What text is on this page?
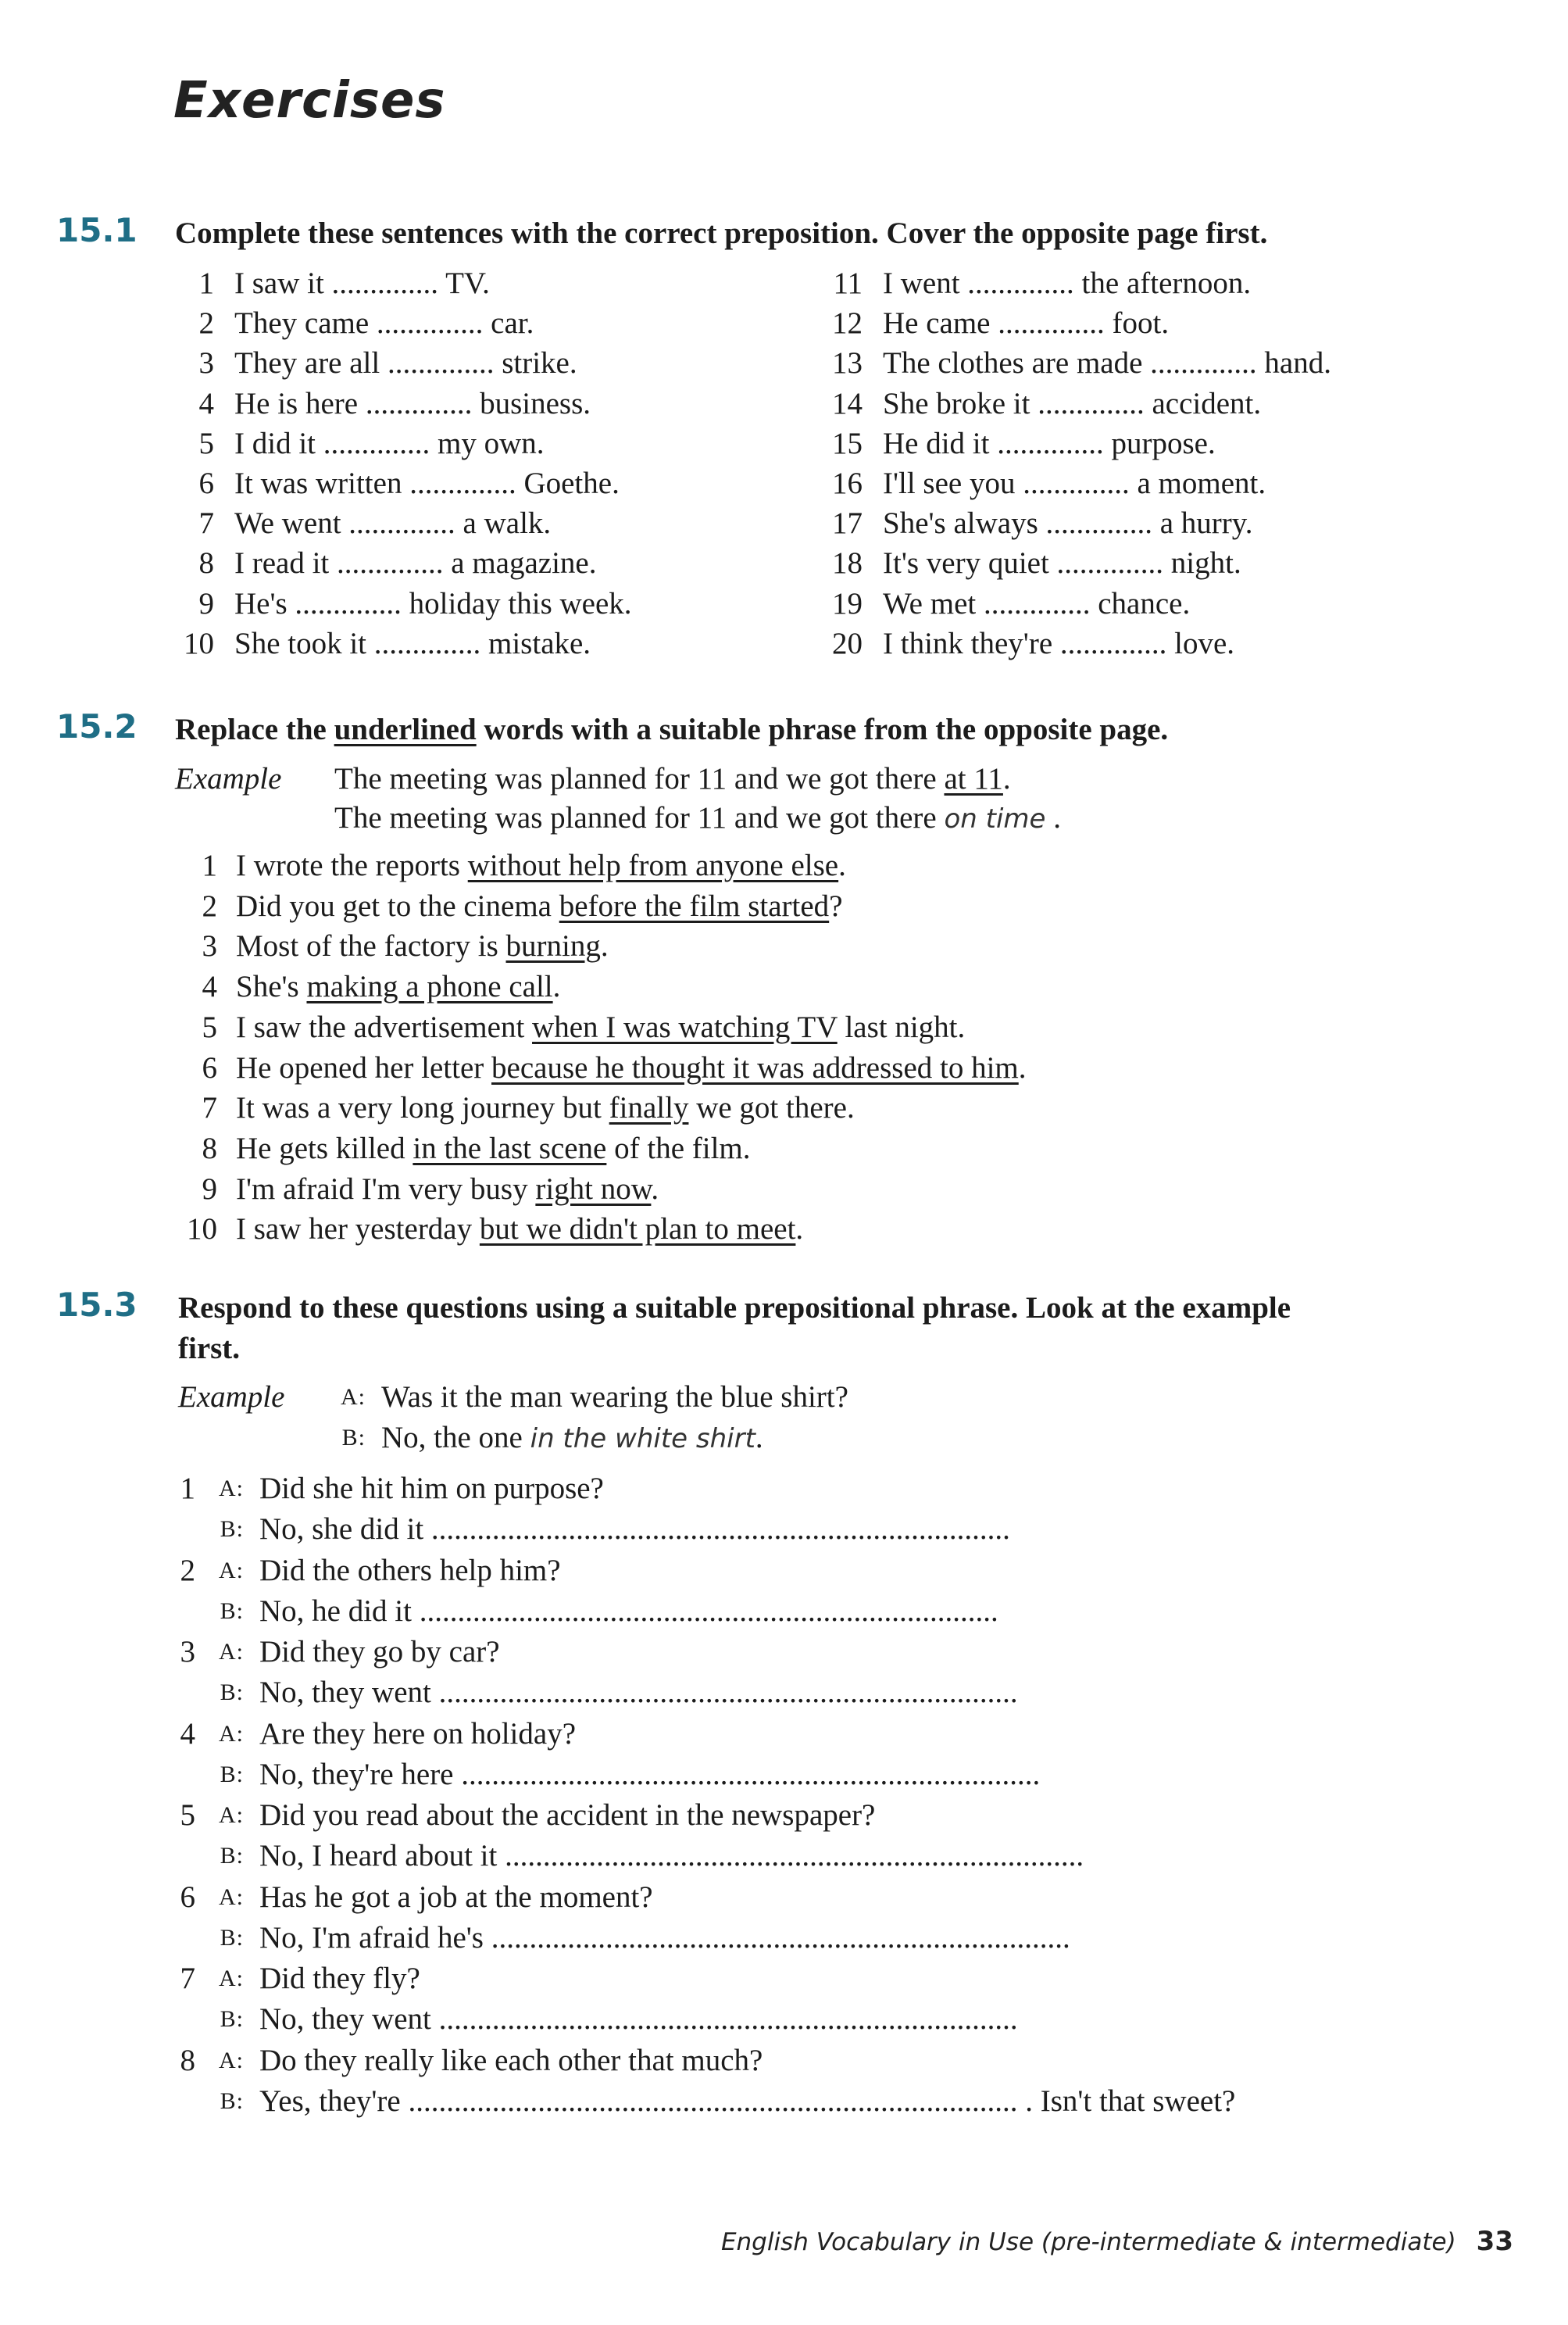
Exercises
15.1 Complete these sentences with the correct preposition. Cover the opposite page first.
1 I saw it .............. TV.
2 They came .............. car.
3 They are all .............. strike.
4 He is here .............. business.
5 I did it .............. my own.
6 It was written .............. Goethe.
7 We went .............. a walk.
8 I read it .............. a magazine.
9 He's .............. holiday this week.
10 She took it .............. mistake.
11 I went .............. the afternoon.
12 He came .............. foot.
13 The clothes are made .............. hand.
14 She broke it .............. accident.
15 He did it .............. purpose.
16 I'll see you .............. a moment.
17 She's always .............. a hurry.
18 It's very quiet .............. night.
19 We met .............. chance.
20 I think they're .............. love.
15.2 Replace the underlined words with a suitable phrase from the opposite page.
Example The meeting was planned for 11 and we got there at 11.
The meeting was planned for 11 and we got there on time .
1 I wrote the reports without help from anyone else.
2 Did you get to the cinema before the film started?
3 Most of the factory is burning.
4 She's making a phone call.
5 I saw the advertisement when I was watching TV last night.
6 He opened her letter because he thought it was addressed to him.
7 It was a very long journey but finally we got there.
8 He gets killed in the last scene of the film.
9 I'm afraid I'm very busy right now.
10 I saw her yesterday but we didn't plan to meet.
15.3 Respond to these questions using a suitable prepositional phrase. Look at the example
first.
Example	A: Was it the man wearing the blue shirt?
B: No, the one in the white shirt.
1	A: Did she hit him on purpose?
B: No, she did it ............................................................................
2	A: Did the others help him?
B: No, he did it ............................................................................
3	A: Did they go by car?
B: No, they went ............................................................................
4	A: Are they here on holiday?
B: No, they're here ............................................................................
5	A: Did you read about the accident in the newspaper?
B: No, I heard about it ............................................................................
6	A: Has he got a job at the moment?
B: No, I'm afraid he's ............................................................................
7	A: Did they fly?
B: No, they went ............................................................................
8	A: Do they really like each other that much?
B: Yes, they're ................................................................................ . Isn't that sweet?
English Vocabulary in Use (pre-intermediate & intermediate) 33
